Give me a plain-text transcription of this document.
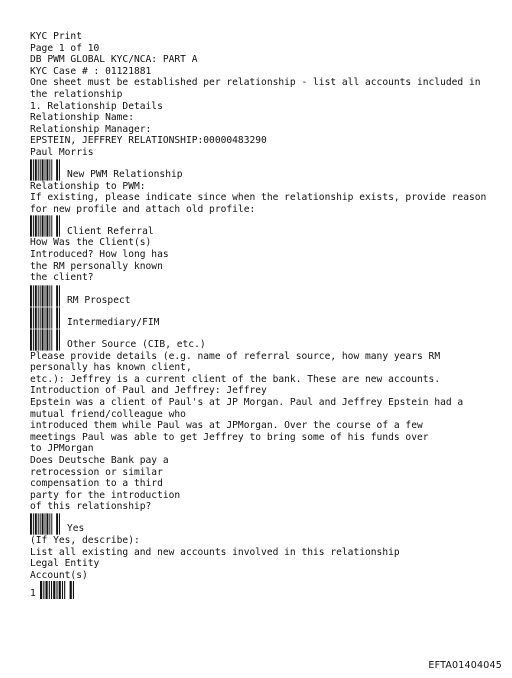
KYC Print
Page 1 of 10
DB PWM GLOBAL KYC/NCA: PART A
KYC Case # : 01121881
One sheet must be established per relationship - list all accounts included in the relationship
1. Relationship Details
Relationship Name:
Relationship Manager:
EPSTEIN, JEFFREY RELATIONSHIP:00000483290
Paul Morris
New PWM Relationship
Relationship to PWM:
If existing, please indicate since when the relationship exists, provide reason for new profile and attach old profile:
Client Referral
How Was the Client(s) Introduced? How long has the RM personally known the client?
RM Prospect
Intermediary/FIM
Other Source (CIB, etc.)
Please provide details (e.g. name of referral source, how many years RM personally has known client,
etc.): Jeffrey is a current client of the bank. These are new accounts.
Introduction of Paul and Jeffrey: Jeffrey
Epstein was a client of Paul's at JP Morgan. Paul and Jeffrey Epstein had a mutual friend/colleague who
introduced them while Paul was at JPMorgan. Over the course of a few meetings Paul was able to get Jeffrey to bring some of his funds over to JPMorgan
Does Deutsche Bank pay a retrocession or similar compensation to a third party for the introduction of this relationship?
Yes
(If Yes, describe):
List all existing and new accounts involved in this relationship
Legal Entity
Account(s)
1
EFTA01404045
